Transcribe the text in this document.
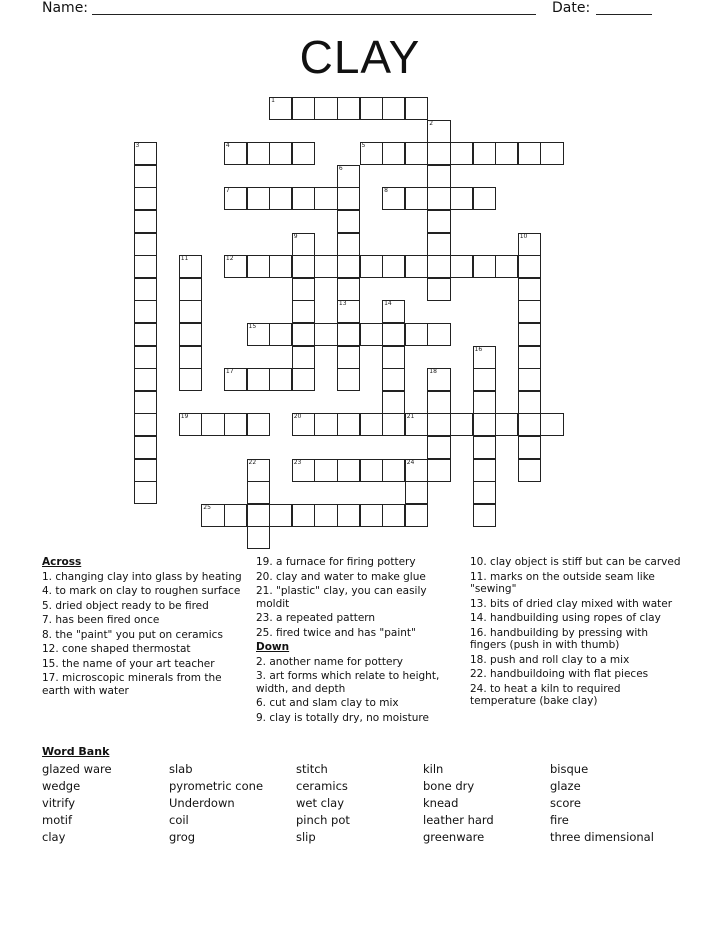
Name:	Date:
CLAY
1
2
3	4	5
6
7	8
9	10
11	12
13	14
15
16
17	18
19	20	21
22	23	24
25
Across
1. changing clay into glass by heating
4. to mark on clay to roughen surface
5. dried object ready to be fired
7. has been fired once
8. the "paint" you put on ceramics
12. cone shaped thermostat
15. the name of your art teacher
17. microscopic minerals from the earth with water
19. a furnace for firing pottery
20. clay and water to make glue
21. "plastic" clay, you can easily moldit
23. a repeated pattern
25. fired twice and has "paint"
Down
2. another name for pottery
3. art forms which relate to height, width, and depth
6. cut and slam clay to mix
9. clay is totally dry, no moisture
10. clay object is stiff but can be carved
11. marks on the outside seam like "sewing"
13. bits of dried clay mixed with water
14. handbuilding using ropes of clay
16. handbuilding by pressing with fingers (push in with thumb)
18. push and roll clay to a mix
22. handbuildoing with flat pieces
24. to heat a kiln to required temperature (bake clay)
Word Bank
glazed ware	slab	stitch	kiln	bisque
wedge	pyrometric cone	ceramics	bone dry	glaze
vitrify	Underdown	wet clay	knead	score
motif	coil	pinch pot	leather hard	fire
clay	grog	slip	greenware	three dimensional
